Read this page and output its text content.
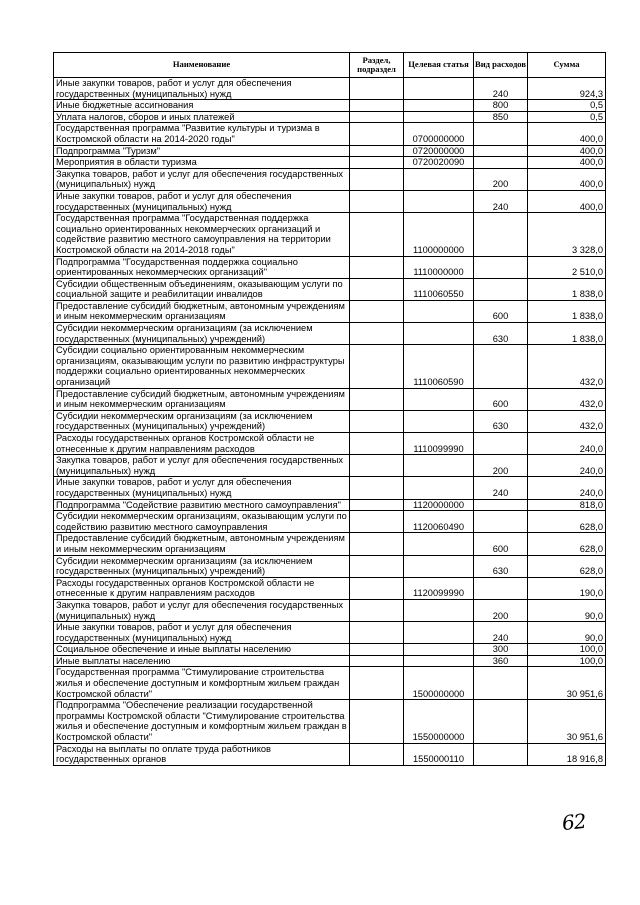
Наименование	Раздел, подраздел	Целевая статья	Вид расходов	Сумма
Иные закупки товаров, работ и услуг для обеспечения государственных (муниципальных) нужд			240	924,3
Иные бюджетные ассигнования			800	0,5
Уплата налогов, сборов и иных платежей			850	0,5
Государственная программа "Развитие культуры и туризма в Костромской области на 2014-2020 годы"		0700000000		400,0
Подпрограмма "Туризм"		0720000000		400,0
Мероприятия в области туризма		0720020090		400,0
Закупка товаров, работ и услуг для обеспечения государственных (муниципальных) нужд			200	400,0
Иные закупки товаров, работ и услуг для обеспечения государственных (муниципальных) нужд			240	400,0
Государственная программа "Государственная поддержка социально ориентированных некоммерческих организаций и содействие развитию местного самоуправления на территории Костромской области на 2014-2018 годы"		1100000000		3 328,0
Подпрограмма "Государственная поддержка социально ориентированных некоммерческих организаций"		1110000000		2 510,0
Субсидии общественным объединениям, оказывающим услуги по социальной защите и реабилитации инвалидов		1110060550		1 838,0
Предоставление субсидий бюджетным, автономным учреждениям и иным некоммерческим организациям			600	1 838,0
Субсидии некоммерческим организациям (за исключением государственных (муниципальных) учреждений)			630	1 838,0
Субсидии социально ориентированным некоммерческим организациям, оказывающим услуги по развитию инфраструктуры поддержки социально ориентированных некоммерческих организаций		1110060590		432,0
Предоставление субсидий бюджетным, автономным учреждениям и иным некоммерческим организациям			600	432,0
Субсидии некоммерческим организациям (за исключением государственных (муниципальных) учреждений)			630	432,0
Расходы государственных органов Костромской области не отнесенные к другим направлениям расходов		1110099990		240,0
Закупка товаров, работ и услуг для обеспечения государственных (муниципальных) нужд			200	240,0
Иные закупки товаров, работ и услуг для обеспечения государственных (муниципальных) нужд			240	240,0
Подпрограмма "Содействие развитию местного самоуправления"		1120000000		818,0
Субсидии некоммерческим организациям, оказывающим услуги по содействию развитию местного самоуправления		1120060490		628,0
Предоставление субсидий бюджетным, автономным учреждениям и иным некоммерческим организациям			600	628,0
Субсидии некоммерческим организациям (за исключением государственных (муниципальных) учреждений)			630	628,0
Расходы государственных органов Костромской области не отнесенные к другим направлениям расходов		1120099990		190,0
Закупка товаров, работ и услуг для обеспечения государственных (муниципальных) нужд			200	90,0
Иные закупки товаров, работ и услуг для обеспечения государственных (муниципальных) нужд			240	90,0
Социальное обеспечение и иные выплаты населению			300	100,0
Иные выплаты населению			360	100,0
Государственная программа "Стимулирование строительства жилья и обеспечение доступным и комфортным жильем граждан Костромской области"		1500000000		30 951,6
Подпрограмма "Обеспечение реализации государственной программы Костромской области "Стимулирование строительства жилья и обеспечение доступным и комфортным жильем граждан в Костромской области"		1550000000		30 951,6
Расходы на выплаты по оплате труда работников государственных органов		1550000110		18 916,8
62
